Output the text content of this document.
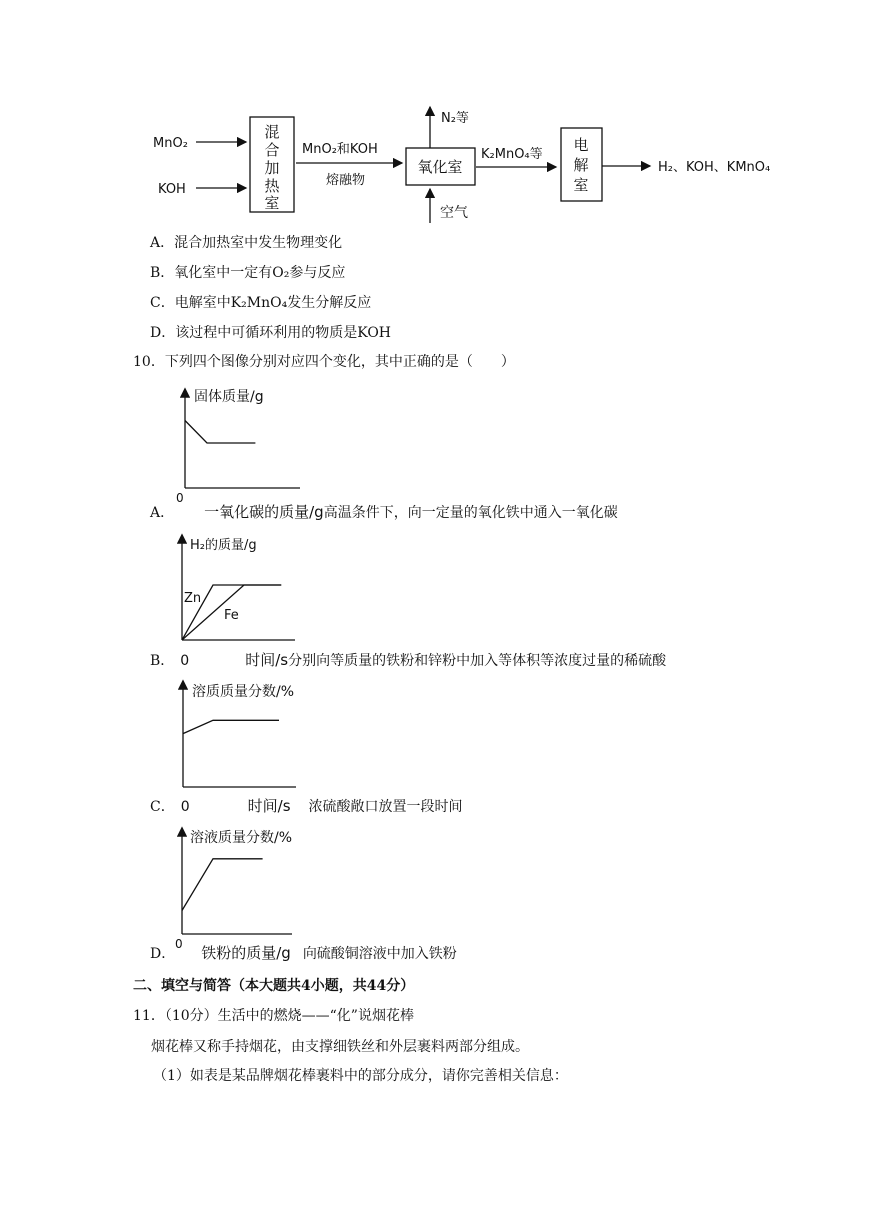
MnO₂
KOH
混
合
加
热
室
MnO₂和KOH
熔融物
氧化室
N₂等
空气
K₂MnO₄等
电
解
室
H₂、KOH、KMnO₄
A．混合加热室中发生物理变化
B．氧化室中一定有O₂参与反应
C．电解室中K₂MnO₄发生分解反应
D．该过程中可循环利用的物质是KOH
10．下列四个图像分别对应四个变化，其中正确的是（　　）
固体质量/g
0
A． 一氧化碳的质量/g高温条件下，向一定量的氧化铁中通入一氧化碳
H₂的质量/g
Zn
Fe
B． 0	时间/s分别向等质量的铁粉和锌粉中加入等体积等浓度过量的稀硫酸
溶质质量分数/%
C． 0	时间/s 浓硫酸敞口放置一段时间
溶液质量分数/%
0
D． 铁粉的质量/g 向硫酸铜溶液中加入铁粉
二、填空与简答（本大题共4小题，共44分）
11．（10分）生活中的燃烧——“化”说烟花棒
烟花棒又称手持烟花，由支撑细铁丝和外层裹料两部分组成。
（1）如表是某品牌烟花棒裹料中的部分成分，请你完善相关信息：
